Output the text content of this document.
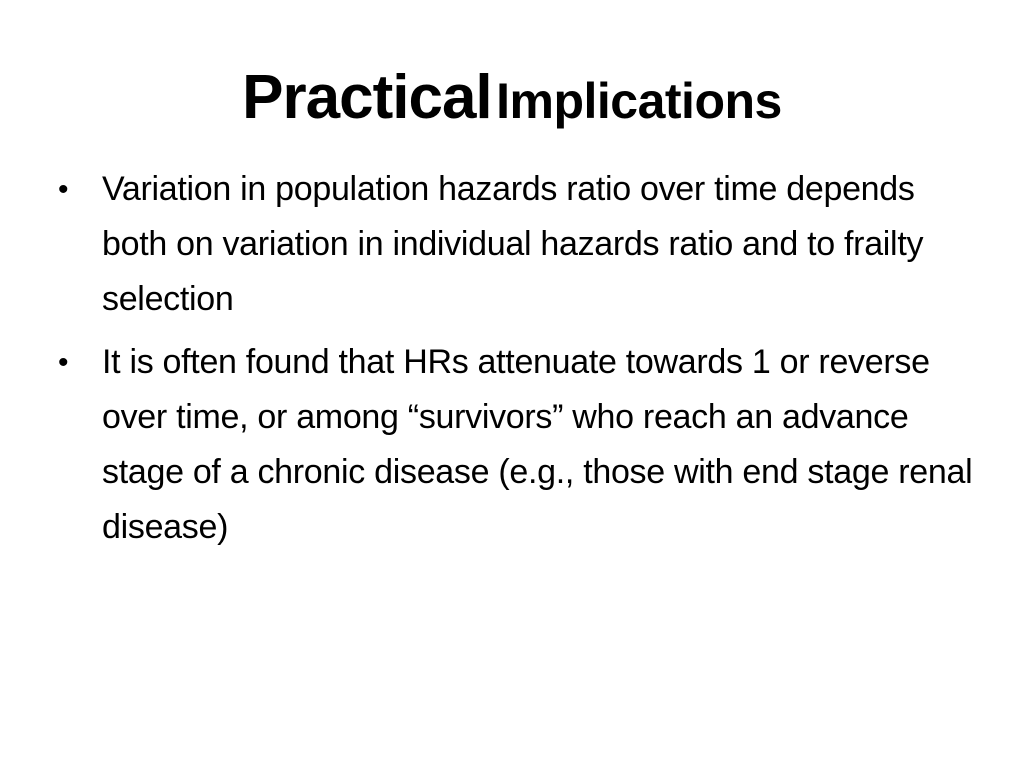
Practical Implications
• Variation in population hazards ratio over time depends both on variation in individual hazards ratio and to frailty selection
• It is often found that HRs attenuate towards 1 or reverse over time, or among “survivors” who reach an advance stage of a chronic disease (e.g., those with end stage renal disease)
